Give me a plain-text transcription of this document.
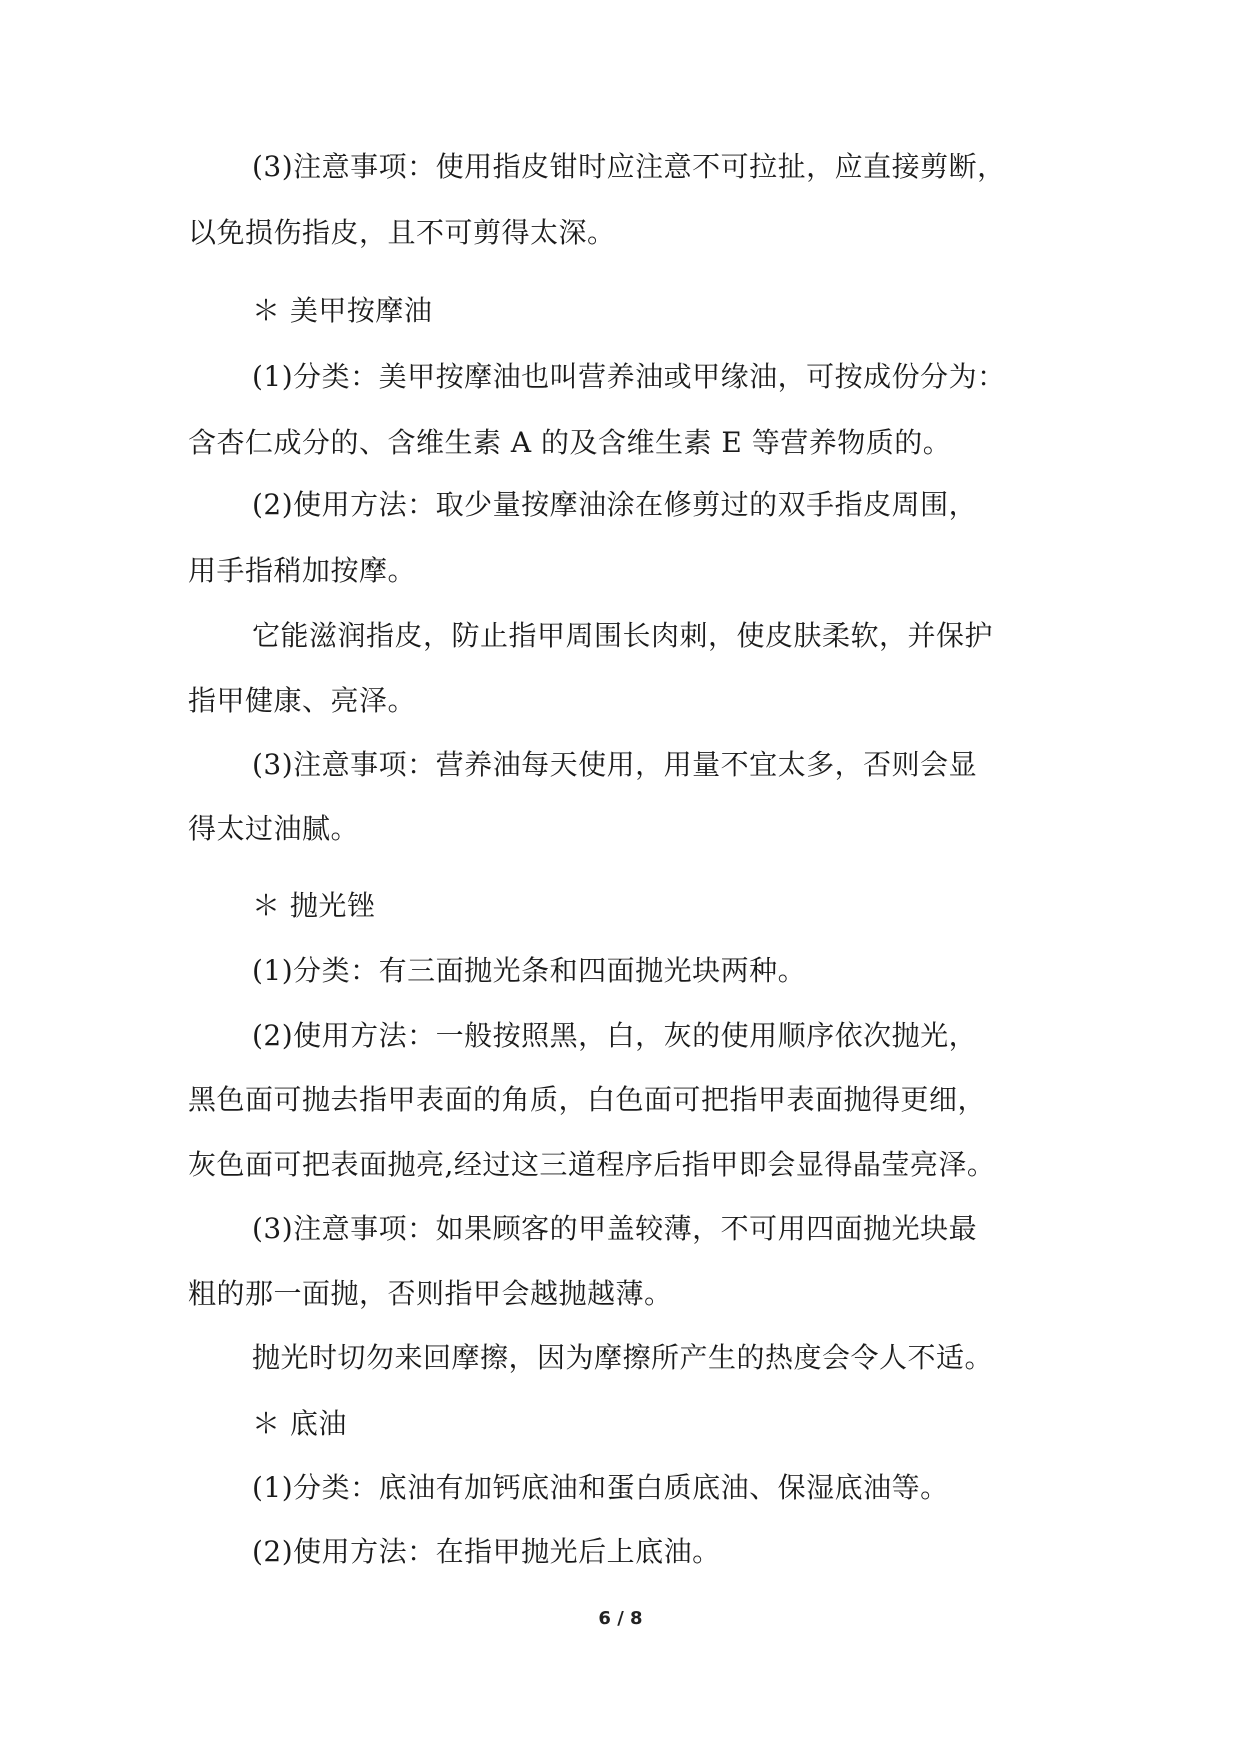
(3)注意事项：使用指皮钳时应注意不可拉扯，应直接剪断，
以免损伤指皮，且不可剪得太深。
＊ 美甲按摩油
(1)分类：美甲按摩油也叫营养油或甲缘油，可按成份分为：
含杏仁成分的、含维生素 A 的及含维生素 E 等营养物质的。
(2)使用方法：取少量按摩油涂在修剪过的双手指皮周围，
用手指稍加按摩。
它能滋润指皮，防止指甲周围长肉刺，使皮肤柔软，并保护
指甲健康、亮泽。
(3)注意事项：营养油每天使用，用量不宜太多，否则会显
得太过油腻。
＊ 抛光锉
(1)分类：有三面抛光条和四面抛光块两种。
(2)使用方法：一般按照黑，白，灰的使用顺序依次抛光，
黑色面可抛去指甲表面的角质，白色面可把指甲表面抛得更细，
灰色面可把表面抛亮,经过这三道程序后指甲即会显得晶莹亮泽。
(3)注意事项：如果顾客的甲盖较薄，不可用四面抛光块最
粗的那一面抛，否则指甲会越抛越薄。
抛光时切勿来回摩擦，因为摩擦所产生的热度会令人不适。
＊ 底油
(1)分类：底油有加钙底油和蛋白质底油、保湿底油等。
(2)使用方法：在指甲抛光后上底油。
6 / 8
